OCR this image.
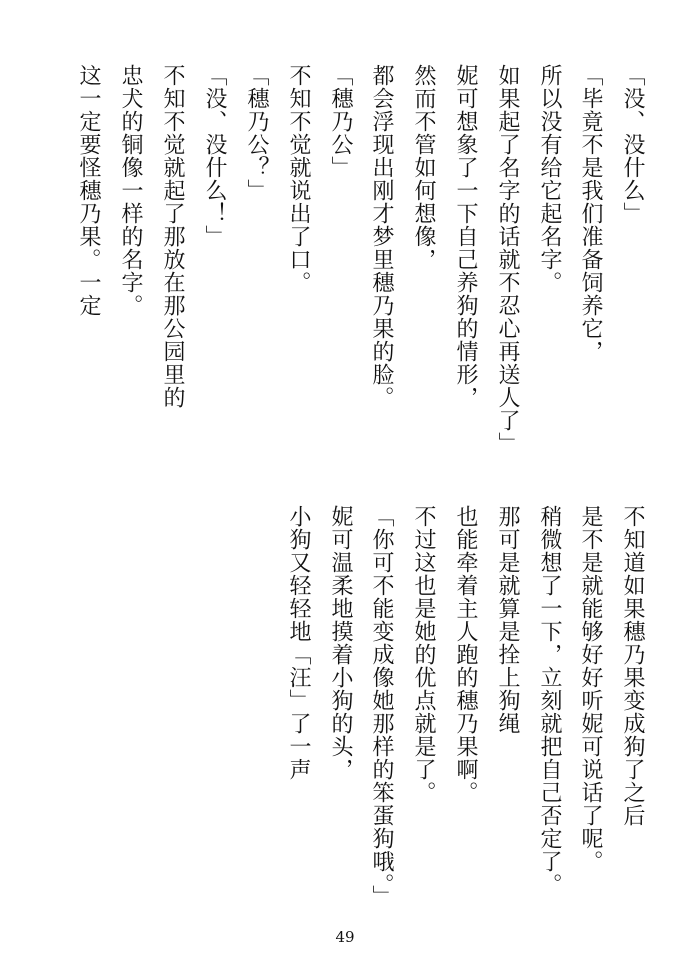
「没、没什么」
「毕竟不是我们准备饲养它，
所以没有给它起名字。
如果起了名字的话就不忍心再送人了」
妮可想象了一下自己养狗的情形，
然而不管如何想像，
都会浮现出刚才梦里穗乃果的脸。
「穗乃公」
不知不觉就说出了口。
「穗乃公？」
「没、没什么！」
不知不觉就起了那放在那公园里的
忠犬的铜像一样的名字。
这一定要怪穗乃果。一定
不知道如果穗乃果变成狗了之后
是不是就能够好好听妮可说话了呢。
稍微想了一下，立刻就把自己否定了。
那可是就算是拴上狗绳
也能牵着主人跑的穗乃果啊。
不过这也是她的优点就是了。
「你可不能变成像她那样的笨蛋狗哦。」
妮可温柔地摸着小狗的头，
小狗又轻轻地「汪」了一声
49
